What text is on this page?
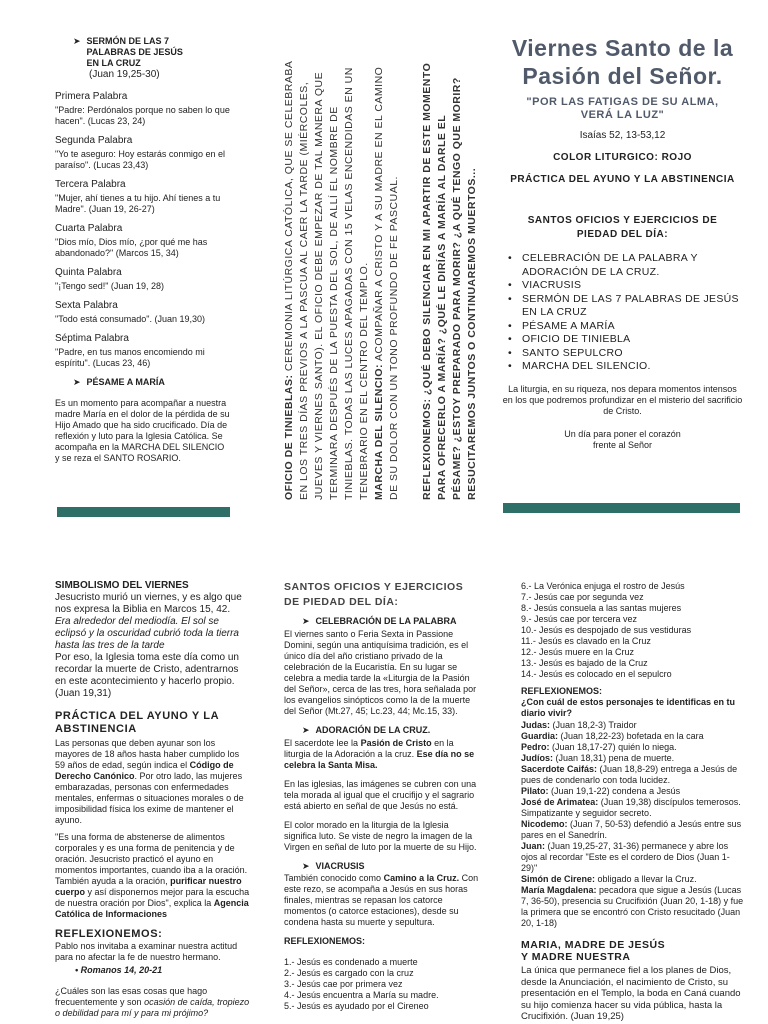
➤ SERMÓN DE LAS 7 PALABRAS DE JESÚS EN LA CRUZ
(Juan 19,25-30)
Primera Palabra
"Padre: Perdónalos porque no saben lo que hacen". (Lucas 23, 24)
Segunda Palabra
"Yo te aseguro: Hoy estarás conmigo en el paraíso". (Lucas 23,43)
Tercera Palabra
"Mujer, ahí tienes a tu hijo. Ahí tienes a tu Madre". (Juan 19, 26-27)
Cuarta Palabra
"Dios mío, Dios mío, ¿por qué me has abandonado?" (Marcos 15, 34)
Quinta Palabra
"¡Tengo sed!" (Juan 19, 28)
Sexta Palabra
"Todo está consumado". (Juan 19,30)
Séptima Palabra
"Padre, en tus manos encomiendo mi espíritu". (Lucas 23, 46)
➤ PÉSAME A MARÍA
Es un momento para acompañar a nuestra madre María en el dolor de la pérdida de su Hijo Amado que ha sido crucificado. Día de reflexión y luto para la Iglesia Católica. Se acompaña en la MARCHA DEL SILENCIO y se reza el SANTO ROSARIO.	OFICIO DE TINIEBLAS: CEREMONIA LITÚRGICA CATÓLICA, QUE SE CELEBRABA EN LOS TRES DÍAS PREVIOS A LA PASCUA AL CAER LA TARDE (MIÉRCOLES, JUEVES Y VIERNES SANTO). EL OFICIO DEBE EMPEZAR DE TAL MANERA QUE TERMINARA DESPUÉS DE LA PUESTA DEL SOL, DE ALLÍ EL NOMBRE DE TINIEBLAS. TODAS LAS LUCES APAGADAS CON 15 VELAS ENCENDIDAS EN UN TENEBRARIO EN EL CENTRO DEL TEMPLO. MARCHA DEL SILENCIO: ACOMPAÑAR A CRISTO Y A SU MADRE EN EL CAMINO DE SU DOLOR CON UN TONO PROFUNDO DE FE PASCUAL. REFLEXIONEMOS: ¿QUÉ DEBO SILENCIAR EN MI APARTIR DE ESTE MOMENTO PARA OFRECERLO A MARÍA? ¿QUÉ LE DIRÍAS A MARÍA AL DARLE EL PÉSAME? ¿ESTOY PREPARADO PARA MORIR? ¿A QUÉ TENGO QUE MORIR? RESUCITAREMOS JUNTOS O CONTINUAREMOS MUERTOS...
Viernes Santo de la Pasión del Señor.
"POR LAS FATIGAS DE SU ALMA, VERÁ LA LUZ"
Isaías 52, 13-53,12
COLOR LITURGICO: ROJO
PRÁCTICA DEL AYUNO Y LA ABSTINENCIA
SANTOS OFICIOS Y EJERCICIOS DE PIEDAD DEL DÍA:
• CELEBRACIÓN DE LA PALABRA Y ADORACIÓN DE LA CRUZ.
• VIACRUSIS
• SERMÓN DE LAS 7 PALABRAS DE JESÚS EN LA CRUZ
• PÉSAME A MARÍA
• OFICIO DE TINIEBLA
• SANTO SEPULCRO
• MARCHA DEL SILENCIO.
La liturgia, en su riqueza, nos depara momentos intensos en los que podremos profundizar en el misterio del sacrificio de Cristo.
Un día para poner el corazón frente al Señor
SIMBOLISMO DEL VIERNES
Jesucristo murió un viernes, y es algo que nos expresa la Biblia en Marcos 15, 42.
Era alrededor del mediodía. El sol se eclipsó y la oscuridad cubrió toda la tierra hasta las tres de la tarde
Por eso, la Iglesia toma este día como un recordar la muerte de Cristo, adentrarnos en este acontecimiento y hacerlo propio.
(Juan 19,31)
PRÁCTICA DEL AYUNO Y LA ABSTINENCIA
Las personas que deben ayunar son los mayores de 18 años hasta haber cumplido los 59 años de edad, según indica el Código de Derecho Canónico. Por otro lado, las mujeres embarazadas, personas con enfermedades mentales, enfermas o situaciones morales o de imposibilidad física los exime de mantener el ayuno.
"Es una forma de abstenerse de alimentos corporales y es una forma de penitencia y de oración. Jesucristo practicó el ayuno en momentos importantes, cuando iba a la oración. También ayuda a la oración, purificar nuestro cuerpo y así disponernos mejor para la escucha de nuestra oración por Dios", explica la Agencia Católica de Informaciones
REFLEXIONEMOS:
Pablo nos invitaba a examinar nuestra actitud para no afectar la fe de nuestro hermano.
• Romanos 14, 20-21
¿Cuáles son las esas cosas que hago frecuentemente y son ocasión de caída, tropiezo o debilidad para mí y para mi prójimo?
SANTOS OFICIOS Y EJERCICIOS DE PIEDAD DEL DÍA:
➤ CELEBRACIÓN DE LA PALABRA
El viernes santo o Feria Sexta in Passione Domini, según una antiquísima tradición, es el único día del año cristiano privado de la celebración de la Eucaristía. En su lugar se celebra a media tarde la «Liturgia de la Pasión del Señor», cerca de las tres, hora señalada por los evangelios sinópticos como la de la muerte del Señor (Mt.27, 45; Lc.23, 44; Mc.15, 33).
➤ ADORACIÓN DE LA CRUZ.
El sacerdote lee la Pasión de Cristo en la liturgia de la Adoración a la cruz. Ese día no se celebra la Santa Misa.
En las iglesias, las imágenes se cubren con una tela morada al igual que el crucifijo y el sagrario está abierto en señal de que Jesús no está.
El color morado en la liturgia de la Iglesia significa luto. Se viste de negro la imagen de la Virgen en señal de luto por la muerte de su Hijo.
➤ VIACRUSIS
También conocido como Camino a la Cruz. Con este rezo, se acompaña a Jesús en sus horas finales, mientras se repasan los catorce momentos (o catorce estaciones), desde su condena hasta su muerte y sepultura.
REFLEXIONEMOS:
1.- Jesús es condenado a muerte
2.- Jesús es cargado con la cruz
3.- Jesús cae por primera vez
4.- Jesús encuentra a María su madre.
5.- Jesús es ayudado por el Cireneo
6.- La Verónica enjuga el rostro de Jesús
7.- Jesús cae por segunda vez
8.- Jesús consuela a las santas mujeres
9.- Jesús cae por tercera vez
10.- Jesús es despojado de sus vestiduras
11.- Jesús es clavado en la Cruz
12.- Jesús muere en la Cruz
13.- Jesús es bajado de la Cruz
14.- Jesús es colocado en el sepulcro
REFLEXIONEMOS:
¿Con cuál de estos personajes te identificas en tu diario vivir?
Judas: (Juan 18,2-3) Traidor
Guardia: (Juan 18,22-23) bofetada en la cara
Pedro: (Juan 18,17-27) quién lo niega.
Judíos: (Juan 18,31) pena de muerte.
Sacerdote Caifás: (Juan 18,8-29) entrega a Jesús de pues de condenarlo con toda lucidez.
Pilato: (Juan 19,1-22) condena a Jesús
José de Arimatea: (Juan 19,38) discípulos temerosos. Simpatizante y seguidor secreto.
Nicodemo: (Juan 7, 50-53) defendió a Jesús entre sus pares en el Sanedrín.
Juan: (Juan 19,25-27, 31-36) permanece y abre los ojos al recordar "Este es el cordero de Dios (Juan 1-29)"
Simón de Cirene: obligado a llevar la Cruz.
María Magdalena: pecadora que sigue a Jesús (Lucas 7, 36-50), presencia su Crucifixión (Juan 20, 1-18) y fue la primera que se encontró con Cristo resucitado (Juan 20, 1-18)
MARIA, MADRE DE JESÚS Y MADRE NUESTRA
La única que permanece fiel a los planes de Dios, desde la Anunciación, el nacimiento de Cristo, su presentación en el Templo, la boda en Caná cuando su hijo comienza hacer su vida pública, hasta la Crucifixión. (Juan 19,25)
